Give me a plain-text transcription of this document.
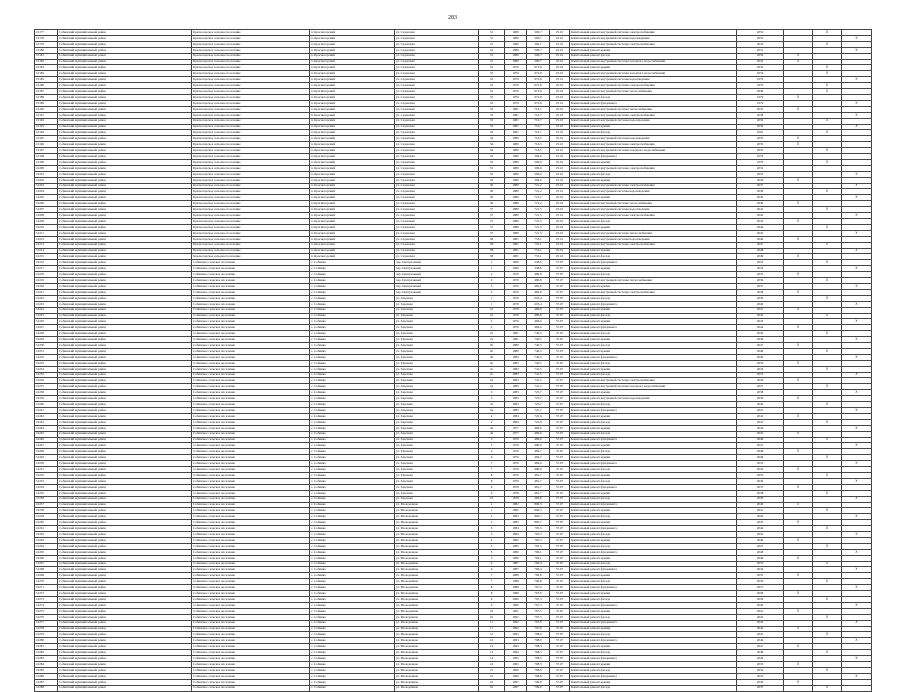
283
10177	Собинский муниципальный район	Красногорское сельское поселение	п. Красногорский	ул. Садовская	31	1980	596,7	25.10	Капитальный ремонт внутренней системы электроснабжения	2032		X	
10178	Собинский муниципальный район	Красногорское сельское поселение	п. Красногорский	ул. Садовская	31	1980	596,7	25.10	Капитальный ремонт внутренней системы водоотведения	2032			X
10179	Собинский муниципальный район	Красногорское сельское поселение	п. Красногорский	ул. Садовская	31	1980	596,7	25.10	Капитальный ремонт внутренней системы электроснабжения	2032		X	
10180	Собинский муниципальный район	Красногорское сельское поселение	п. Красногорский	ул. Садовская	31	1980	596,7	25.10	Капитальный ремонт крыши	2031			X
10181	Собинский муниципальный район	Красногорское сельское поселение	п. Красногорский	ул. Садовская	31	1980	596,7	25.10	Капитальный ремонт фасада	2032	X		
10182	Собинский муниципальный район	Красногорское сельское поселение	п. Красногорский	ул. Садовская	31	1980	596,7	25.10	Капитальный ремонт внутренней системы холодного водоснабжения	2032	X		
10183	Собинский муниципальный район	Красногорское сельское поселение	п. Красногорский	ул. Садовская	32	1979	972,8	25.10	Капитальный ремонт крыши	2032		X	
10184	Собинский муниципальный район	Красногорское сельское поселение	п. Красногорский	ул. Садовская	32	1979	972,8	25.10	Капитальный ремонт внутренней системы холодного водоснабжения	2034		X	
10185	Собинский муниципальный район	Красногорское сельское поселение	п. Красногорский	ул. Садовская	32	1979	972,8	25.10	Капитальный ремонт внутренней системы водоотведения	1979			X
10186	Собинский муниципальный район	Красногорское сельское поселение	п. Красногорский	ул. Садовская	32	1979	972,8	25.10	Капитальный ремонт внутренней системы электроснабжения	1979		X	
10187	Собинский муниципальный район	Красногорское сельское поселение	п. Красногорский	ул. Садовская	32	1979	972,8	25.10	Капитальный ремонт внутренней системы теплоснабжения	2049		X	
10188	Собинский муниципальный район	Красногорское сельское поселение	п. Красногорский	ул. Садовская	32	1979	972,8	25.10	Капитальный ремонт фасада	1979	X		
10189	Собинский муниципальный район	Красногорское сельское поселение	п. Красногорский	ул. Садовская	32	1979	972,8	25.10	Капитальный ремонт фундамента	1979			X
10190	Собинский муниципальный район	Красногорское сельское поселение	п. Красногорский	ул. Садовская	33	1981	716,7	25.10	Капитальный ремонт внутренней системы теплоснабжения	2035	X		
10191	Собинский муниципальный район	Красногорское сельское поселение	п. Красногорский	ул. Садовская	33	1981	716,7	25.10	Капитальный ремонт внутренней системы электроснабжения	2038			X
10192	Собинский муниципальный район	Красногорское сельское поселение	п. Красногорский	ул. Садовская	33	1981	716,7	25.10	Капитальный ремонт внутренней системы водоотведения	2036		X	
10193	Собинский муниципальный район	Красногорское сельское поселение	п. Красногорский	ул. Садовская	33	1981	716,7	25.10	Капитальный ремонт крыши	2036			X
10194	Собинский муниципальный район	Красногорское сельское поселение	п. Красногорский	ул. Садовская	33	1981	716,7	25.10	Капитальный ремонт фасада	1981		X	
10195	Собинский муниципальный район	Красногорское сельское поселение	п. Красногорский	ул. Садовская	34	1980	716,5	25.10	Капитальный ремонт внутренней системы водоотведения	2035	X		
10196	Собинский муниципальный район	Красногорское сельское поселение	п. Красногорский	ул. Садовская	34	1980	716,5	25.10	Капитальный ремонт внутренней системы электроснабжения	2035	X		
10197	Собинский муниципальный район	Красногорское сельское поселение	п. Красногорский	ул. Садовская	34	1980	716,5	25.10	Капитальный ремонт внутренней системы холодного водоснабжения	2035		X	
10198	Собинский муниципальный район	Красногорское сельское поселение	п. Красногорский	ул. Садовская	35	1980	596,0	25.10	Капитальный ремонт фундамента	1979			
10199	Собинский муниципальный район	Красногорское сельское поселение	п. Красногорский	ул. Садовская	35	1980	596,0	25.10	Капитальный ремонт крыши	1979		X	
10200	Собинский муниципальный район	Красногорское сельское поселение	п. Красногорский	ул. Садовская	35	1980	596,0	25.10	Капитальный ремонт внутренней системы электроснабжения	2032			
10201	Собинский муниципальный район	Красногорское сельское поселение	п. Красногорский	ул. Садовская	35	1980	596,0	25.10	Капитальный ремонт фасада	2033			X
10202	Собинский муниципальный район	Красногорское сельское поселение	п. Красногорский	ул. Садовская	35	1980	596,0	25.10	Капитальный ремонт крыши	2036	X		
10203	Собинский муниципальный район	Красногорское сельское поселение	п. Красногорский	ул. Садовская	36	1980	721,2	25.10	Капитальный ремонт внутренней системы электроснабжения	2037			X
10204	Собинский муниципальный район	Красногорское сельское поселение	п. Красногорский	ул. Садовская	36	1980	721,2	25.10	Капитальный ремонт внутренней системы водоотведения	2038		X	
10205	Собинский муниципальный район	Красногорское сельское поселение	п. Красногорский	ул. Садовская	36	1980	721,2	25.10	Капитальный ремонт крыши	2039			X
10206	Собинский муниципальный район	Красногорское сельское поселение	п. Красногорский	ул. Садовская	36	1980	721,2	25.10	Капитальный ремонт внутренней системы теплоснабжения	2040	X		
10207	Собинский муниципальный район	Красногорское сельское поселение	п. Красногорский	ул. Садовская	37	1980	721,5	25.10	Капитальный ремонт внутренней системы водоотведения	2041		X	
10208	Собинский муниципальный район	Красногорское сельское поселение	п. Красногорский	ул. Садовская	37	1980	721,5	25.10	Капитальный ремонт внутренней системы электроснабжения	2042			X
10209	Собинский муниципальный район	Красногорское сельское поселение	п. Красногорский	ул. Садовская	37	1980	721,5	25.10	Капитальный ремонт фасада	2043	X		
10210	Собинский муниципальный район	Красногорское сельское поселение	п. Красногорский	ул. Садовская	37	1980	721,5	25.10	Капитальный ремонт крыши	2044		X	
10211	Собинский муниципальный район	Красногорское сельское поселение	п. Красногорский	ул. Садовская	37	1980	721,5	25.10	Капитальный ремонт внутренней системы теплоснабжения	2045			X
10212	Собинский муниципальный район	Красногорское сельское поселение	п. Красногорский	ул. Садовская	38	1981	753,1	25.10	Капитальный ремонт внутренней системы водоотведения	2046	X		
10213	Собинский муниципальный район	Красногорское сельское поселение	п. Красногорский	ул. Садовская	38	1981	753,1	25.10	Капитальный ремонт внутренней системы электроснабжения	2047		X	
10214	Собинский муниципальный район	Красногорское сельское поселение	п. Красногорский	ул. Садовская	38	1981	753,1	25.10	Капитальный ремонт крыши	2048			X
10215	Собинский муниципальный район	Красногорское сельское поселение	п. Красногорский	ул. Садовская	38	1981	753,1	25.10	Капитальный ремонт фасада	2049	X		
10216	Собинский муниципальный район	Собинское сельское поселение	с. Собинка	пер. Центральный	1	1969	238,6	37.07	Капитальный ремонт фундамента	2033		X	
10217	Собинский муниципальный район	Собинское сельское поселение	с. Собинка	пер. Центральный	1	1969	238,6	37.07	Капитальный ремонт крыши	2034			X
10218	Собинский муниципальный район	Собинское сельское поселение	с. Собинка	пер. Центральный	2	1970	480,8	37.07	Капитальный ремонт фасада	2035	X		
10219	Собинский муниципальный район	Собинское сельское поселение	с. Собинка	пер. Центральный	2	1970	480,8	37.07	Капитальный ремонт внутренней системы теплоснабжения	2036		X	
10220	Собинский муниципальный район	Собинское сельское поселение	с. Собинка	пер. Центральный	3	1970	482,8	37.07	Капитальный ремонт крыши	2037			X
10221	Собинский муниципальный район	Собинское сельское поселение	с. Собинка	пер. Центральный	3	1970	482,8	37.07	Капитальный ремонт внутренней системы электроснабжения	2038	X		
10222	Собинский муниципальный район	Собинское сельское поселение	с. Собинка	ул. Заречная	1	1978	603,4	37.07	Капитальный ремонт фасада	2039		X	
10223	Собинский муниципальный район	Собинское сельское поселение	с. Собинка	ул. Заречная	1	1978	603,4	37.07	Капитальный ремонт фундамента	2040			X
10224	Собинский муниципальный район	Собинское сельское поселение	с. Собинка	ул. Заречная	1б	1978	486,8	37.07	Капитальный ремонт крыши	2041	X		
10225	Собинский муниципальный район	Собинское сельское поселение	с. Собинка	ул. Заречная	1б	1978	486,8	37.07	Капитальный ремонт фасада	2042		X	
10226	Собинский муниципальный район	Собинское сельское поселение	с. Собинка	ул. Заречная	2	1976	484,6	37.07	Капитальный ремонт крыши	2043			X
10227	Собинский муниципальный район	Собинское сельское поселение	с. Собинка	ул. Заречная	2	1976	484,6	37.07	Капитальный ремонт фундамента	2044	X		
10228	Собинский муниципальный район	Собинское сельское поселение	с. Собинка	ул. Заречная	2а	1981	740,5	37.07	Капитальный ремонт фасада	2045		X	
10229	Собинский муниципальный район	Собинское сельское поселение	с. Собинка	ул. Заречная	2а	1981	740,5	37.07	Капитальный ремонт крыши	2046			X
10230	Собинский муниципальный район	Собинское сельское поселение	с. Собинка	ул. Заречная	2б	1980	740,5	37.07	Капитальный ремонт фасада	2047	X		
10231	Собинский муниципальный район	Собинское сельское поселение	с. Собинка	ул. Заречная	2б	1980	740,5	37.07	Капитальный ремонт крыши	2048		X	
10232	Собинский муниципальный район	Собинское сельское поселение	с. Собинка	ул. Заречная	2в	1983	740,5	37.07	Капитальный ремонт фундамента	2049			X
10233	Собинский муниципальный район	Собинское сельское поселение	с. Собинка	ул. Заречная	2в	1983	740,5	37.07	Капитальный ремонт фасада	2033	X		
10234	Собинский муниципальный район	Собинское сельское поселение	с. Собинка	ул. Заречная	2г	1983	741,5	37.07	Капитальный ремонт крыши	2034		X	
10235	Собинский муниципальный район	Собинское сельское поселение	с. Собинка	ул. Заречная	2г	1983	741,5	37.07	Капитальный ремонт фасада	2035			X
10236	Собинский муниципальный район	Собинское сельское поселение	с. Собинка	ул. Заречная	2д	1983	741,5	37.07	Капитальный ремонт внутренней системы электроснабжения	2036	X		
10237	Собинский муниципальный район	Собинское сельское поселение	с. Собинка	ул. Заречная	2д	1983	741,5	37.07	Капитальный ремонт внутренней системы холодного водоснабжения	2037		X	
10238	Собинский муниципальный район	Собинское сельское поселение	с. Собинка	ул. Заречная	3	1983	725,7	37.07	Капитальный ремонт крыши	2038			X
10239	Собинский муниципальный район	Собинское сельское поселение	с. Собинка	ул. Заречная	3	1983	725,7	37.07	Капитальный ремонт внутренней системы водоотведения	2039	X		
10240	Собинский муниципальный район	Собинское сельское поселение	с. Собинка	ул. Заречная	3а	1983	725,7	37.07	Капитальный ремонт фасада	2040		X	
10241	Собинский муниципальный район	Собинское сельское поселение	с. Собинка	ул. Заречная	3а	1983	725,7	37.07	Капитальный ремонт фундамента	2041			X
10242	Собинский муниципальный район	Собинское сельское поселение	с. Собинка	ул. Заречная	4	1984	725,9	37.07	Капитальный ремонт крыши	2042	X		
10243	Собинский муниципальный район	Собинское сельское поселение	с. Собинка	ул. Заречная	4	1984	725,9	37.07	Капитальный ремонт фасада	2043		X	
10244	Собинский муниципальный район	Собинское сельское поселение	с. Собинка	ул. Заречная	4а	1977	486,6	37.07	Капитальный ремонт крыши	2044			X
10245	Собинский муниципальный район	Собинское сельское поселение	с. Собинка	ул. Заречная	4а	1977	486,6	37.07	Капитальный ремонт фасада	2045	X		
10246	Собинский муниципальный район	Собинское сельское поселение	с. Собинка	ул. Заречная	5	1976	486,0	37.07	Капитальный ремонт фундамента	2046		X	
10247	Собинский муниципальный район	Собинское сельское поселение	с. Собинка	ул. Заречная	5	1976	486,0	37.07	Капитальный ремонт крыши	2047			X
10248	Собинский муниципальный район	Собинское сельское поселение	с. Собинка	ул. Заречная	6	1976	484,7	37.07	Капитальный ремонт фасада	2048	X		
10249	Собинский муниципальный район	Собинское сельское поселение	с. Собинка	ул. Заречная	6	1976	484,7	37.07	Капитальный ремонт крыши	2049		X	
10250	Собинский муниципальный район	Собинское сельское поселение	с. Собинка	ул. Заречная	7	1976	486,0	37.07	Капитальный ремонт фундамента	2033			X
10251	Собинский муниципальный район	Собинское сельское поселение	с. Собинка	ул. Заречная	7	1976	486,0	37.07	Капитальный ремонт фасада	2034	X		
10252	Собинский муниципальный район	Собинское сельское поселение	с. Собинка	ул. Заречная	8	1979	481,7	37.07	Капитальный ремонт крыши	2035		X	
10253	Собинский муниципальный район	Собинское сельское поселение	с. Собинка	ул. Заречная	8	1979	481,7	37.07	Капитальный ремонт фасада	2036			X
10254	Собинский муниципальный район	Собинское сельское поселение	с. Собинка	ул. Заречная	9	1978	481,7	37.07	Капитальный ремонт фундамента	2037	X		
10255	Собинский муниципальный район	Собинское сельское поселение	с. Собинка	ул. Заречная	9	1978	481,7	37.07	Капитальный ремонт крыши	2038		X	
10256	Собинский муниципальный район	Собинское сельское поселение	с. Собинка	ул. Заречная	10	1978	482,8	37.07	Капитальный ремонт фасада	2039			X
10257	Собинский муниципальный район	Собинское сельское поселение	с. Собинка	ул. Молодежная	1	1982	800,3	37.07	Капитальный ремонт фундамента	2040	X		
10258	Собинский муниципальный район	Собинское сельское поселение	с. Собинка	ул. Молодежная	1	1982	800,3	37.07	Капитальный ремонт крыши	2041		X	
10259	Собинский муниципальный район	Собинское сельское поселение	с. Собинка	ул. Молодежная	2	1983	800,7	37.07	Капитальный ремонт фасада	2042			X
10260	Собинский муниципальный район	Собинское сельское поселение	с. Собинка	ул. Молодежная	2	1983	800,7	37.07	Капитальный ремонт крыши	2043	X		
10261	Собинский муниципальный район	Собинское сельское поселение	с. Собинка	ул. Молодежная	3	1984	795,3	37.07	Капитальный ремонт фундамента	2044		X	
10262	Собинский муниципальный район	Собинское сельское поселение	с. Собинка	ул. Молодежная	3	1984	795,3	37.07	Капитальный ремонт фасада	2045			X
10263	Собинский муниципальный район	Собинское сельское поселение	с. Собинка	ул. Молодежная	4	1985	795,3	37.07	Капитальный ремонт крыши	2046	X		
10264	Собинский муниципальный район	Собинское сельское поселение	с. Собинка	ул. Молодежная	4	1985	795,3	37.07	Капитальный ремонт фасада	2047		X	
10265	Собинский муниципальный район	Собинское сельское поселение	с. Собинка	ул. Молодежная	5	1986	796,1	37.07	Капитальный ремонт фундамента	2048			X
10266	Собинский муниципальный район	Собинское сельское поселение	с. Собинка	ул. Молодежная	5	1986	796,1	37.07	Капитальный ремонт крыши	2049	X		
10267	Собинский муниципальный район	Собинское сельское поселение	с. Собинка	ул. Молодежная	6	1987	796,4	37.07	Капитальный ремонт фасада	2033		X	
10268	Собинский муниципальный район	Собинское сельское поселение	с. Собинка	ул. Молодежная	6	1987	796,4	37.07	Капитальный ремонт фундамента	2034			X
10269	Собинский муниципальный район	Собинское сельское поселение	с. Собинка	ул. Молодежная	7	1988	796,8	37.07	Капитальный ремонт крыши	2035	X		
10270	Собинский муниципальный район	Собинское сельское поселение	с. Собинка	ул. Молодежная	7	1988	796,8	37.07	Капитальный ремонт фасада	2036		X	
10271	Собинский муниципальный район	Собинское сельское поселение	с. Собинка	ул. Молодежная	8	1989	797,0	37.07	Капитальный ремонт фундамента	2037			X
10272	Собинский муниципальный район	Собинское сельское поселение	с. Собинка	ул. Молодежная	8	1989	797,0	37.07	Капитальный ремонт крыши	2038	X		
10273	Собинский муниципальный район	Собинское сельское поселение	с. Собинка	ул. Молодежная	9	1990	797,3	37.07	Капитальный ремонт фасада	2039		X	
10274	Собинский муниципальный район	Собинское сельское поселение	с. Собинка	ул. Молодежная	9	1990	797,3	37.07	Капитальный ремонт фундамента	2040			X
10275	Собинский муниципальный район	Собинское сельское поселение	с. Собинка	ул. Молодежная	10	1991	797,5	37.07	Капитальный ремонт крыши	2041	X		
10276	Собинский муниципальный район	Собинское сельское поселение	с. Собинка	ул. Молодежная	10	1991	797,5	37.07	Капитальный ремонт фасада	2042		X	
10277	Собинский муниципальный район	Собинское сельское поселение	с. Собинка	ул. Молодежная	11	1992	797,8	37.07	Капитальный ремонт фундамента	2043			X
10278	Собинский муниципальный район	Собинское сельское поселение	с. Собинка	ул. Молодежная	11	1992	797,8	37.07	Капитальный ремонт крыши	2044	X		
10279	Собинский муниципальный район	Собинское сельское поселение	с. Собинка	ул. Молодежная	12	1993	798,0	37.07	Капитальный ремонт фасада	2045		X	
10280	Собинский муниципальный район	Собинское сельское поселение	с. Собинка	ул. Молодежная	12	1993	798,0	37.07	Капитальный ремонт фундамента	2046			X
10281	Собинский муниципальный район	Собинское сельское поселение	с. Собинка	ул. Молодежная	13	1994	798,3	37.07	Капитальный ремонт крыши	2047	X		
10282	Собинский муниципальный район	Собинское сельское поселение	с. Собинка	ул. Молодежная	13	1994	798,3	37.07	Капитальный ремонт фасада	2048		X	
10283	Собинский муниципальный район	Собинское сельское поселение	с. Собинка	ул. Молодежная	14	1995	798,5	37.07	Капитальный ремонт фундамента	2049			X
10284	Собинский муниципальный район	Собинское сельское поселение	с. Собинка	ул. Молодежная	14	1995	798,5	37.07	Капитальный ремонт крыши	2033	X		
10285	Собинский муниципальный район	Собинское сельское поселение	с. Собинка	ул. Молодежная	15	1996	798,8	37.07	Капитальный ремонт фасада	2034		X	
10286	Собинский муниципальный район	Собинское сельское поселение	с. Собинка	ул. Молодежная	15	1996	798,8	37.07	Капитальный ремонт фундамента	2035			X
10287	Собинский муниципальный район	Собинское сельское поселение	с. Собинка	ул. Молодежная	16	1997	799,0	37.07	Капитальный ремонт крыши	2036	X		
10288	Собинский муниципальный район	Собинское сельское поселение	с. Собинка	ул. Молодежная	16	1997	799,0	37.07	Капитальный ремонт фасада	2037		X	
